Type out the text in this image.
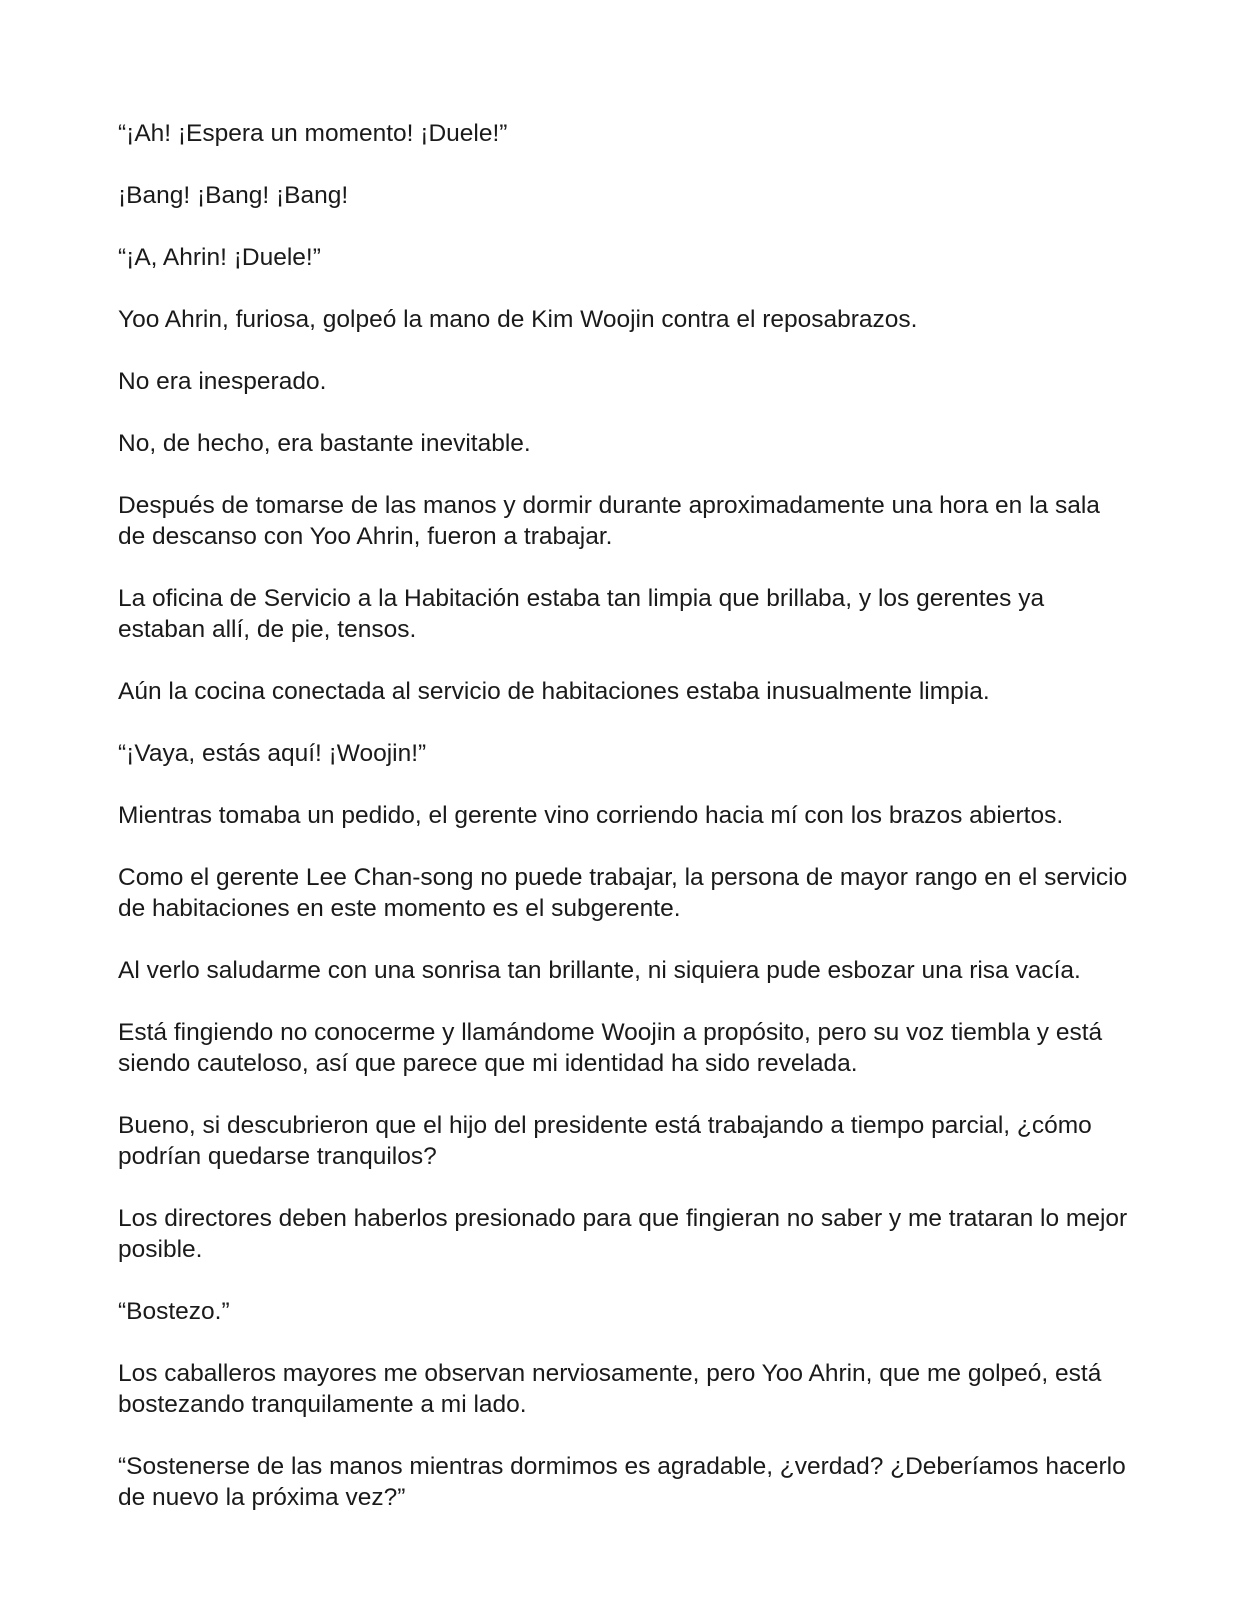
“¡Ah! ¡Espera un momento! ¡Duele!”

¡Bang! ¡Bang! ¡Bang!

“¡A, Ahrin! ¡Duele!”

Yoo Ahrin, furiosa, golpeó la mano de Kim Woojin contra el reposabrazos.

No era inesperado.

No, de hecho, era bastante inevitable.

Después de tomarse de las manos y dormir durante aproximadamente una hora en la sala de descanso con Yoo Ahrin, fueron a trabajar.

La oficina de Servicio a la Habitación estaba tan limpia que brillaba, y los gerentes ya estaban allí, de pie, tensos.

Aún la cocina conectada al servicio de habitaciones estaba inusualmente limpia.

“¡Vaya, estás aquí! ¡Woojin!”

Mientras tomaba un pedido, el gerente vino corriendo hacia mí con los brazos abiertos.

Como el gerente Lee Chan-song no puede trabajar, la persona de mayor rango en el servicio de habitaciones en este momento es el subgerente.

Al verlo saludarme con una sonrisa tan brillante, ni siquiera pude esbozar una risa vacía.

Está fingiendo no conocerme y llamándome Woojin a propósito, pero su voz tiembla y está siendo cauteloso, así que parece que mi identidad ha sido revelada.

Bueno, si descubrieron que el hijo del presidente está trabajando a tiempo parcial, ¿cómo podrían quedarse tranquilos?

Los directores deben haberlos presionado para que fingieran no saber y me trataran lo mejor posible.

“Bostezo.”

Los caballeros mayores me observan nerviosamente, pero Yoo Ahrin, que me golpeó, está bostezando tranquilamente a mi lado.

“Sostenerse de las manos mientras dormimos es agradable, ¿verdad? ¿Deberíamos hacerlo de nuevo la próxima vez?”
